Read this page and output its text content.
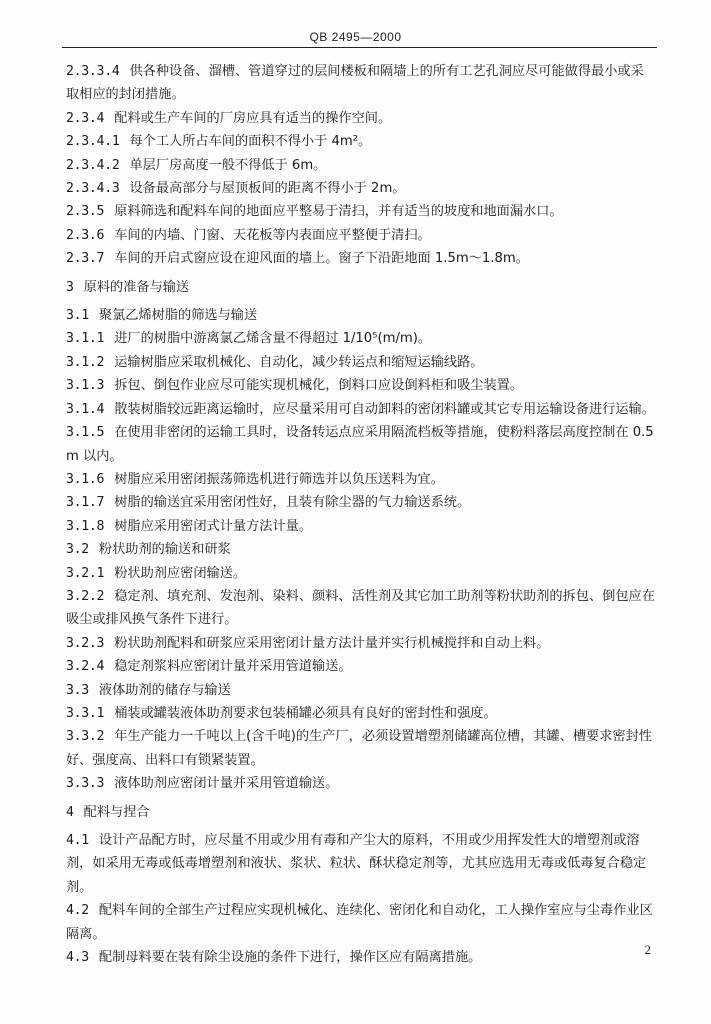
QB 2495—2000
2.3.3.4 供各种设备、溜槽、管道穿过的层间楼板和隔墙上的所有工艺孔洞应尽可能做得最小或采取相应的封闭措施。
2.3.4 配料或生产车间的厂房应具有适当的操作空间。
2.3.4.1 每个工人所占车间的面积不得小于 4m²。
2.3.4.2 单层厂房高度一般不得低于 6m。
2.3.4.3 设备最高部分与屋顶板间的距离不得小于 2m。
2.3.5 原料筛选和配料车间的地面应平整易于清扫，并有适当的坡度和地面漏水口。
2.3.6 车间的内墙、门窗、天花板等内表面应平整便于清扫。
2.3.7 车间的开启式窗应设在迎风面的墙上。窗子下沿距地面 1.5m～1.8m。
3 原料的准备与输送
3.1 聚氯乙烯树脂的筛选与输送
3.1.1 进厂的树脂中游离氯乙烯含量不得超过 1/10⁵(m/m)。
3.1.2 运输树脂应采取机械化、自动化，减少转运点和缩短运输线路。
3.1.3 拆包、倒包作业应尽可能实现机械化，倒料口应设倒料柜和吸尘装置。
3.1.4 散装树脂较远距离运输时，应尽量采用可自动卸料的密闭料罐或其它专用运输设备进行运输。
3.1.5 在使用非密闭的运输工具时，设备转运点应采用隔流档板等措施，使粉料落层高度控制在 0.5m 以内。
3.1.6 树脂应采用密闭振荡筛选机进行筛选并以负压送料为宜。
3.1.7 树脂的输送宜采用密闭性好，且装有除尘器的气力输送系统。
3.1.8 树脂应采用密闭式计量方法计量。
3.2 粉状助剂的输送和研浆
3.2.1 粉状助剂应密闭输送。
3.2.2 稳定剂、填充剂、发泡剂、染料、颜料、活性剂及其它加工助剂等粉状助剂的拆包、倒包应在吸尘或排风换气条件下进行。
3.2.3 粉状助剂配料和研浆应采用密闭计量方法计量并实行机械搅拌和自动上料。
3.2.4 稳定剂浆料应密闭计量并采用管道输送。
3.3 液体助剂的储存与输送
3.3.1 桶装或罐装液体助剂要求包装桶罐必须具有良好的密封性和强度。
3.3.2 年生产能力一千吨以上(含千吨)的生产厂，必须设置增塑剂储罐高位槽，其罐、槽要求密封性好、强度高、出料口有锁紧装置。
3.3.3 液体助剂应密闭计量并采用管道输送。
4 配料与捏合
4.1 设计产品配方时，应尽量不用或少用有毒和产尘大的原料，不用或少用挥发性大的增塑剂或溶剂，如采用无毒或低毒增塑剂和液状、浆状、粒状、酥状稳定剂等，尤其应选用无毒或低毒复合稳定剂。
4.2 配料车间的全部生产过程应实现机械化、连续化、密闭化和自动化，工人操作室应与尘毒作业区隔离。
4.3 配制母料要在装有除尘设施的条件下进行，操作区应有隔离措施。
2
